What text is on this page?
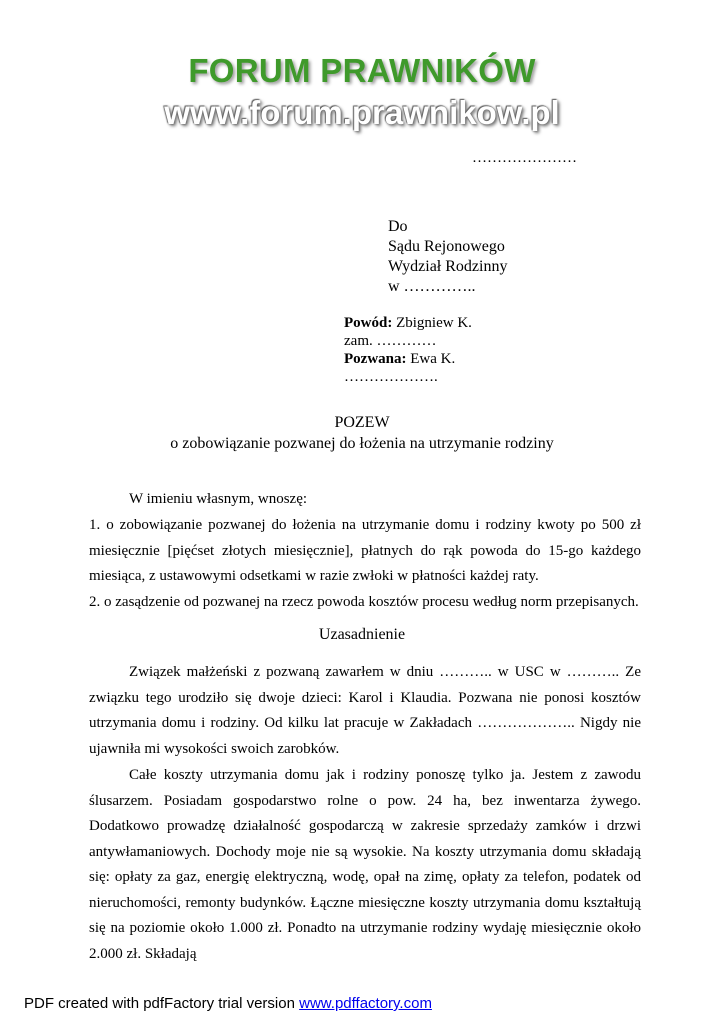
FORUM PRAWNIKÓW
www.forum.prawnikow.pl
…………………
Do
Sądu Rejonowego
Wydział Rodzinny
w …………..
Powód: Zbigniew K.
zam. …………
Pozwana: Ewa K.
……………….
POZEW
o zobowiązanie pozwanej do łożenia na utrzymanie rodziny
W imieniu własnym, wnoszę:
1. o zobowiązanie pozwanej do łożenia na utrzymanie domu i rodziny kwoty po 500 zł miesięcznie [pięćset złotych miesięcznie], płatnych do rąk powoda do 15-go każdego miesiąca, z ustawowymi odsetkami w razie zwłoki w płatności każdej raty.
2. o zasądzenie od pozwanej na rzecz powoda kosztów procesu według norm przepisanych.
Uzasadnienie
Związek małżeński z pozwaną zawarłem w dniu ……….. w USC w ……….. Ze związku tego urodziło się dwoje dzieci: Karol i Klaudia. Pozwana nie ponosi kosztów utrzymania domu i rodziny. Od kilku lat pracuje w Zakładach ……………….. Nigdy nie ujawniła mi wysokości swoich zarobków.
Całe koszty utrzymania domu jak i rodziny ponoszę tylko ja. Jestem z zawodu ślusarzem. Posiadam gospodarstwo rolne o pow. 24 ha, bez inwentarza żywego. Dodatkowo prowadzę działalność gospodarczą w zakresie sprzedaży zamków i drzwi antywłamaniowych. Dochody moje nie są wysokie. Na koszty utrzymania domu składają się: opłaty za gaz, energię elektryczną, wodę, opał na zimę, opłaty za telefon, podatek od nieruchomości, remonty budynków. Łączne miesięczne koszty utrzymania domu kształtują się na poziomie około 1.000 zł. Ponadto na utrzymanie rodziny wydaję miesięcznie około 2.000 zł. Składają
PDF created with pdfFactory trial version www.pdffactory.com
